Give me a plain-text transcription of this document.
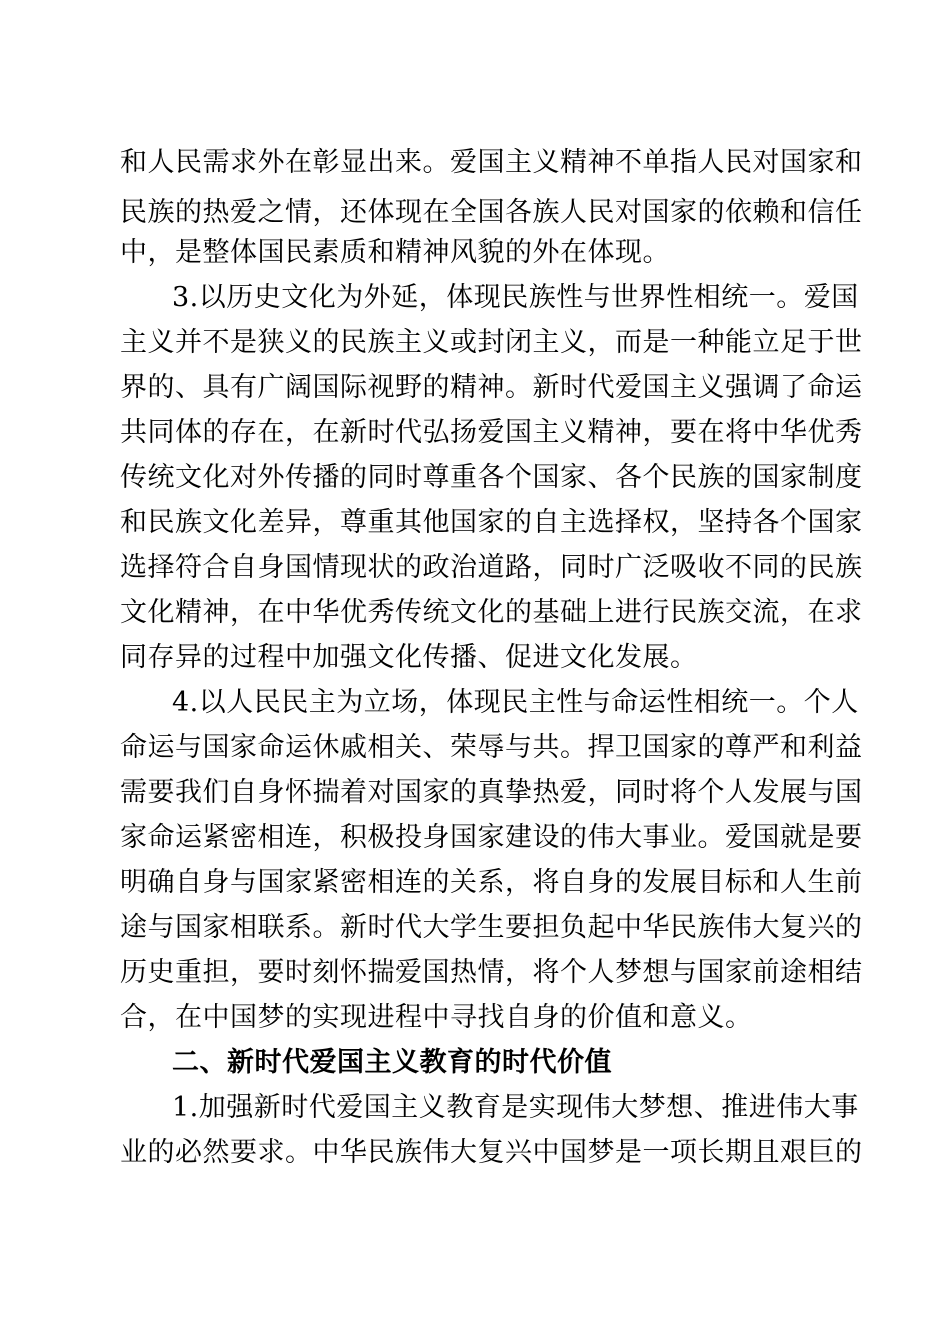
和人民需求外在彰显出来。爱国主义精神不单指人民对国家和
民族的热爱之情，还体现在全国各族人民对国家的依赖和信任
中，是整体国民素质和精神风貌的外在体现。
3.以历史文化为外延，体现民族性与世界性相统一。爱国
主义并不是狭义的民族主义或封闭主义，而是一种能立足于世
界的、具有广阔国际视野的精神。新时代爱国主义强调了命运
共同体的存在，在新时代弘扬爱国主义精神，要在将中华优秀
传统文化对外传播的同时尊重各个国家、各个民族的国家制度
和民族文化差异，尊重其他国家的自主选择权，坚持各个国家
选择符合自身国情现状的政治道路，同时广泛吸收不同的民族
文化精神，在中华优秀传统文化的基础上进行民族交流，在求
同存异的过程中加强文化传播、促进文化发展。
4.以人民民主为立场，体现民主性与命运性相统一。个人
命运与国家命运休戚相关、荣辱与共。捍卫国家的尊严和利益
需要我们自身怀揣着对国家的真挚热爱，同时将个人发展与国
家命运紧密相连，积极投身国家建设的伟大事业。爱国就是要
明确自身与国家紧密相连的关系，将自身的发展目标和人生前
途与国家相联系。新时代大学生要担负起中华民族伟大复兴的
历史重担，要时刻怀揣爱国热情，将个人梦想与国家前途相结
合，在中国梦的实现进程中寻找自身的价值和意义。
二、新时代爱国主义教育的时代价值
1.加强新时代爱国主义教育是实现伟大梦想、推进伟大事
业的必然要求。中华民族伟大复兴中国梦是一项长期且艰巨的
